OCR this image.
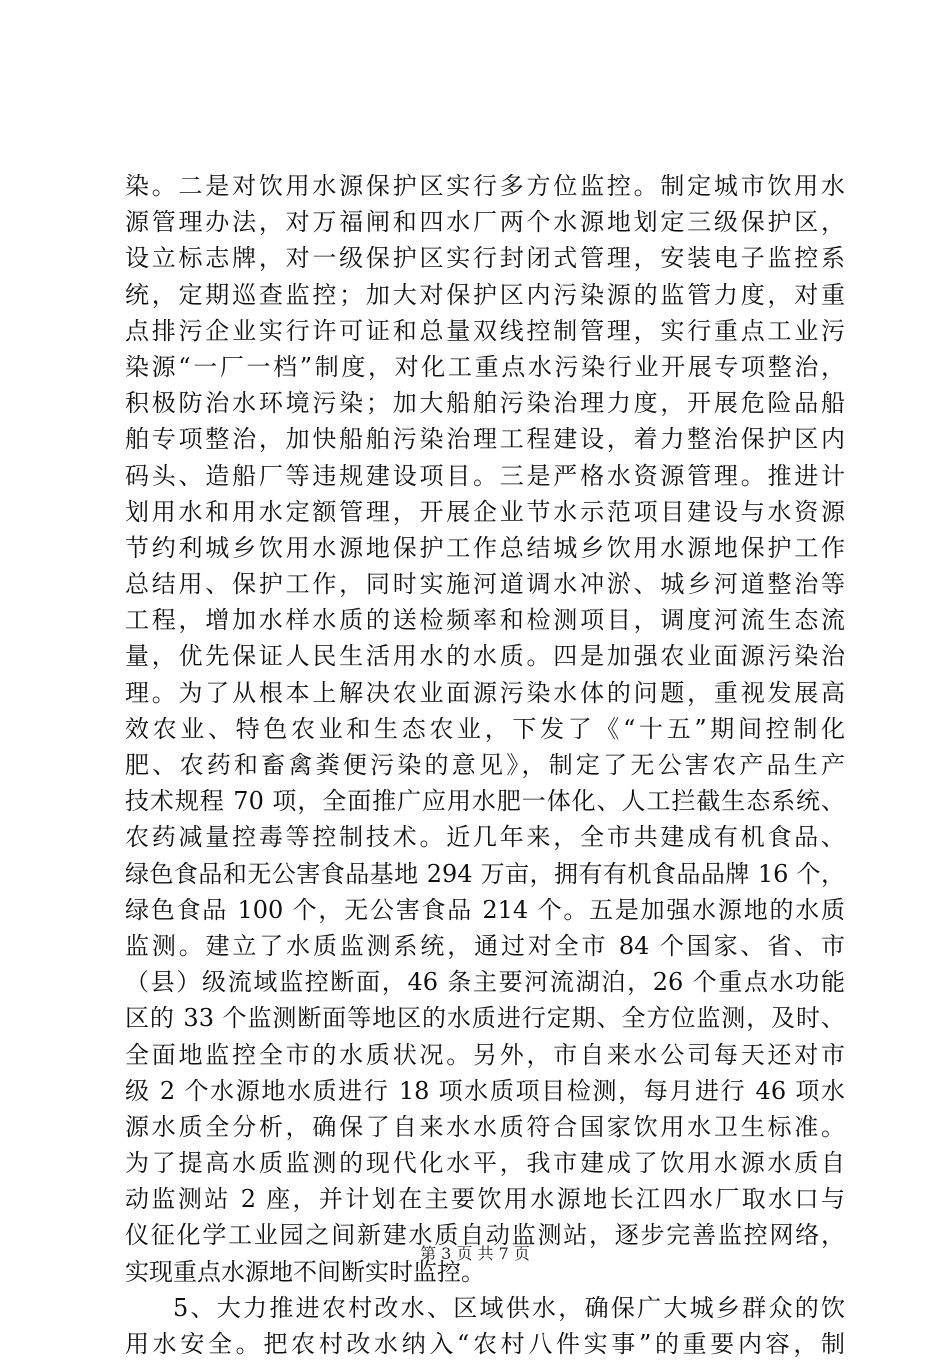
染。二是对饮用水源保护区实行多方位监控。制定城市饮用水
源管理办法，对万福闸和四水厂两个水源地划定三级保护区，
设立标志牌，对一级保护区实行封闭式管理，安装电子监控系
统，定期巡查监控；加大对保护区内污染源的监管力度，对重
点排污企业实行许可证和总量双线控制管理，实行重点工业污
染源“一厂一档”制度，对化工重点水污染行业开展专项整治，
积极防治水环境污染；加大船舶污染治理力度，开展危险品船
舶专项整治，加快船舶污染治理工程建设，着力整治保护区内
码头、造船厂等违规建设项目。三是严格水资源管理。推进计
划用水和用水定额管理，开展企业节水示范项目建设与水资源
节约利城乡饮用水源地保护工作总结城乡饮用水源地保护工作
总结用、保护工作，同时实施河道调水冲淤、城乡河道整治等
工程，增加水样水质的送检频率和检测项目，调度河流生态流
量，优先保证人民生活用水的水质。四是加强农业面源污染治
理。为了从根本上解决农业面源污染水体的问题，重视发展高
效农业、特色农业和生态农业，下发了《“十五”期间控制化
肥、农药和畜禽粪便污染的意见》，制定了无公害农产品生产
技术规程 70 项，全面推广应用水肥一体化、人工拦截生态系统、
农药减量控毒等控制技术。近几年来，全市共建成有机食品、
绿色食品和无公害食品基地 294 万亩，拥有有机食品品牌 16 个，
绿色食品 100 个，无公害食品 214 个。五是加强水源地的水质
监测。建立了水质监测系统，通过对全市 84 个国家、省、市
（县）级流域监控断面，46 条主要河流湖泊，26 个重点水功能
区的 33 个监测断面等地区的水质进行定期、全方位监测，及时、
全面地监控全市的水质状况。另外，市自来水公司每天还对市
级 2 个水源地水质进行 18 项水质项目检测，每月进行 46 项水
源水质全分析，确保了自来水水质符合国家饮用水卫生标准。
为了提高水质监测的现代化水平，我市建成了饮用水源水质自
动监测站 2 座，并计划在主要饮用水源地长江四水厂取水口与
仪征化学工业园之间新建水质自动监测站，逐步完善监控网络，
实现重点水源地不间断实时监控。
5、大力推进农村改水、区域供水，确保广大城乡群众的饮
用水安全。把农村改水纳入“农村八件实事”的重要内容，制
第 3 页 共 7 页
